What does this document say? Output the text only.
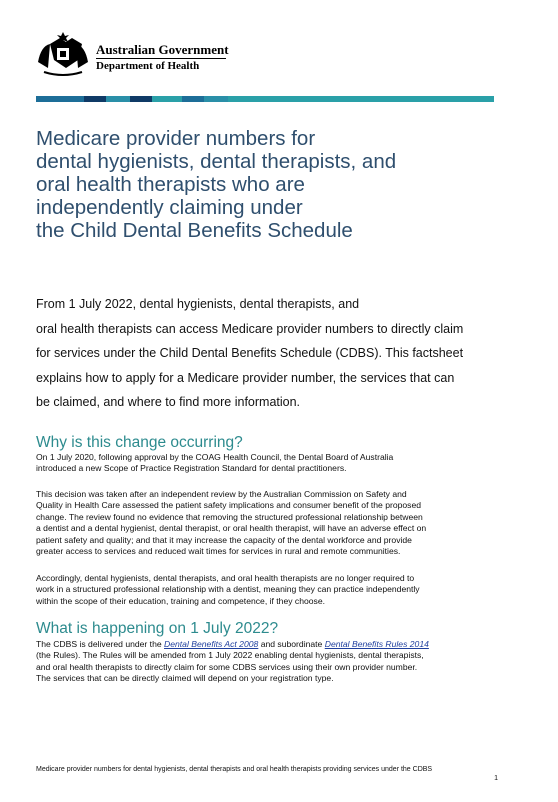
Australian Government
Department of Health
Medicare provider numbers for
dental hygienists, dental therapists, and
oral health therapists who are
independently claiming under
the Child Dental Benefits Schedule

From 1 July 2022, dental hygienists, dental therapists, and
oral health therapists can access Medicare provider numbers to directly claim
for services under the Child Dental Benefits Schedule (CDBS). This factsheet
explains how to apply for a Medicare provider number, the services that can
be claimed, and where to find more information.

Why is this change occurring?

On 1 July 2020, following approval by the COAG Health Council, the Dental Board of Australia
introduced a new Scope of Practice Registration Standard for dental practitioners.

This decision was taken after an independent review by the Australian Commission on Safety and
Quality in Health Care assessed the patient safety implications and consumer benefit of the proposed
change. The review found no evidence that removing the structured professional relationship between
a dentist and a dental hygienist, dental therapist, or oral health therapist, will have an adverse effect on
patient safety and quality; and that it may increase the capacity of the dental workforce and provide
greater access to services and reduced wait times for services in rural and remote communities.

Accordingly, dental hygienists, dental therapists, and oral health therapists are no longer required to
work in a structured professional relationship with a dentist, meaning they can practice independently
within the scope of their education, training and competence, if they choose.

What is happening on 1 July 2022?

The CDBS is delivered under the Dental Benefits Act 2008 and subordinate Dental Benefits Rules 2014
(the Rules). The Rules will be amended from 1 July 2022 enabling dental hygienists, dental therapists,
and oral health therapists to directly claim for some CDBS services using their own provider number.
The services that can be directly claimed will depend on your registration type.

Medicare provider numbers for dental hygienists, dental therapists and oral health therapists providing services under the CDBS
1
